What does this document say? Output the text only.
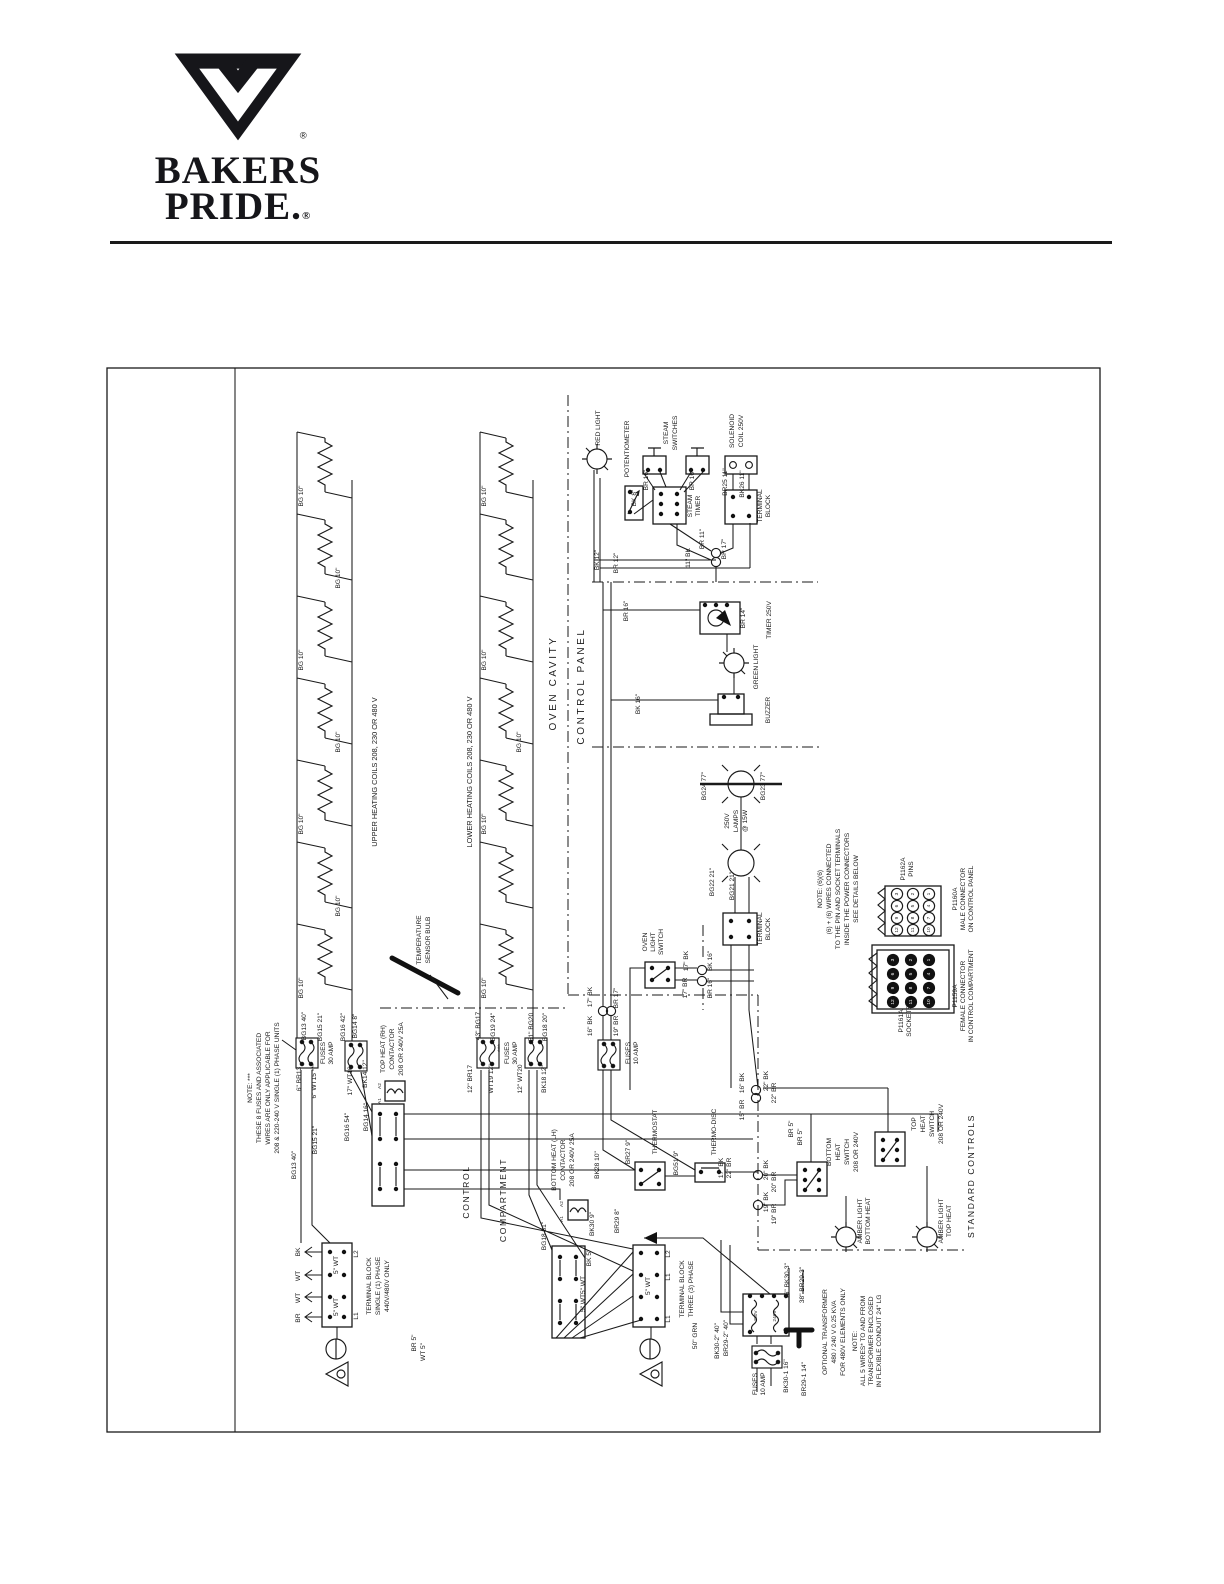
®
BAKERS
PRIDE.®
3 2 1
6 5 4
9 8 7
12 11 10
3	2	1
6	5	4
9	8	7
12	11	10
OVEN CAVITY CONTROL PANEL
CONTROL	COMPARTMENT	STANDARD CONTROLS
UPPER HEATING COILS 208, 230 OR 480 V	LOWER HEATING COILS 208, 230 OR 480 V
BG 10"
BG 10"
BG 10"
BG 10"
BG 10"
BG 10"
BG 10"
BG 10"
BG 10"
BG 10"
BG 10"
BG 10"
TEMPERATURE SENSOR BULB
RED LIGHT	POTENTIOMETER	STEAM SWITCHES
STEAM TIMER
SOLENOID COIL 250V
TERMINAL BLOCK
BR25 11" BK26 11"
BR 16"	BR 16"
BK 8"
BK 12" BR 12"
BR 11"
11" BK	BR 17"
BR 16"
BK 16"
BR 14"	TIMER 250V
GREEN LIGHT
BUZZER
BG24 77"	BG23 77"
250V LAMPS @ 15W
BG22 21" BG21 21"
TERMINAL BLOCK
OVEN LIGHT SWITCH
17" BK	BK 16"
17" BR	BR 16"
NOTE: (6)(6) (6) + (6) WIRES CONNECTED TO THE PIN AND SOCKET TERMINALS INSIDE THE POWER CONNECTORS SEE DETAILS BELOW	P1162A PINS
P1160A MALE CONNECTOR ON CONTROL PANEL
P1161A SOCKETS
P1159A FEMALE CONNECTOR IN CONTROL COMPARTMENT
NOTE: *** THESE 8 FUSES AND ASSOCIATED WIRES ARE ONLY APPLICABLE FOR 208 & 220-240 V SINGLE (1) PHASE UNITS	BG13 40" BG15 21" BG16 42" BG14 8"
FUSES 30 AMP
6" BR13 6" WT15 ***	17" WT16
BG13 40"
BG15 21"	BG16 54"
TOP HEAT (RH) CONTACTOR 208 OR 240V 25A
BK14 12"
BG14 16"
A2
A1
BOTTOM HEAT (LH) CONTACTOR 208 OR 240V 25A
BG18 31"	BK30 9"	BR29 8"
A2
A1
43" BG17 BG19 24"	51" BG20 BG18 20"
*** FUSES 30 AMP
12" BR17 WT19 12"	12" WT20	BK18 12"
17" BK	BR 17"
16" BK	19" BR
FUSES 10 AMP
THERMOSTAT
BR27 9"
BK28 10"
THERMO-DISC
BG51 9"
16" BK
15" BR
17" BK 22" BR
BK
WT
WT
BR
L2
L1
5" WT
5" WT	TERMINAL BLOCK SINGLE (1) PHASE 440V/480V ONLY
BR 5"
WT 5"
L2
L1
5" WT
L1
TERMINAL BLOCK THREE (3) PHASE
50" GRN
BK 5"
5" WT
5" WT	OPTIONAL TRANSFORMER 480 / 240 V 0.25 KVA FOR 480V ELEMENTS ONLY NOTE: ALL 5 WIRES* TO AND FROM TRANSFORMER ENCLOSED IN FLEXIBLE CONDUIT 24" LG
16" BK30-3" 38" BR29-3"
BK30-2" 40" BR29-2" 40"
480V	240V
FUSES 10 AMP BK30-1 16" BR29-1 14"
BOTTOM HEAT SWITCH 208 OR 240V
TOP HEAT SWITCH 208 OR 240V
AMBER LIGHT BOTTOM HEAT	AMBER LIGHT TOP HEAT
BR 5" BR 5"
22" BK
22" BR
20" BK
20" BR
19" BK
19" BR
